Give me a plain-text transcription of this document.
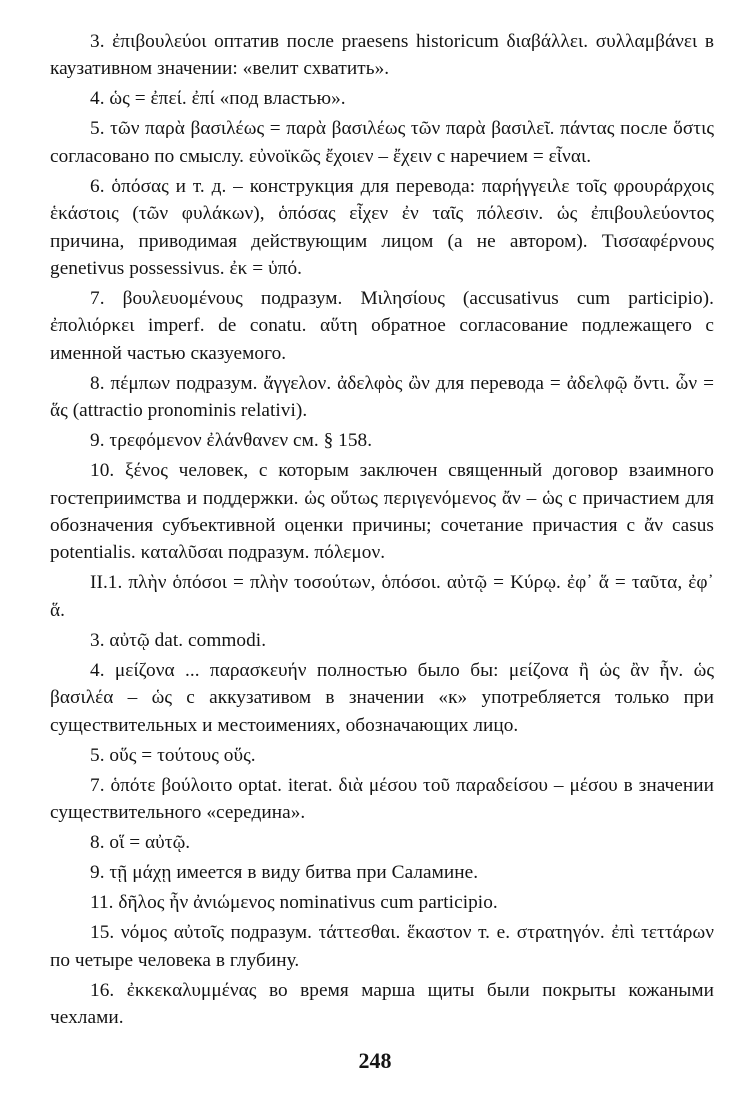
3. ἐπιβουλεύοι оптатив после praesens historicum διαβάλλει. συλλαμβάνει в каузативном значении: «велит схватить».

4. ὡς = ἐπεί. ἐπί «под властью».

5. τῶν παρὰ βασιλέως = παρὰ βασιλέως τῶν παρὰ βασιλεῖ. πάντας после ὅστις согласовано по смыслу. εὐνοϊκῶς ἔχοιεν – ἔχειν с наречием = εἶναι.

6. ὁπόσας и т. д. – конструкция для перевода: παρήγγειλε τοῖς φρουράρχοις ἑκάστοις (τῶν φυλάκων), ὁπόσας εἶχεν ἐν ταῖς πόλεσιν. ὡς ἐπιβουλεύοντος причина, приводимая действующим лицом (а не автором). Τισσαφέρνους genetivus possessivus. ἐκ = ὑπό.

7. βουλευομένους подразум. Μιλησίους (accusativus cum participio). ἐπολιόρκει imperf. de conatu. αὕτη обратное согласование подлежащего с именной частью сказуемого.

8. πέμπων подразум. ἄγγελον. ἀδελφὸς ὢν для перевода = ἀδελφῷ ὄντι. ὧν = ἅς (attractio pronominis relativi).

9. τρεφόμενον ἐλάνθανεν см. § 158.

10. ξένος человек, с которым заключен священный договор взаимного гостеприимства и поддержки. ὡς οὕτως περιγενόμενος ἄν – ὡς с причастием для обозначения субъективной оценки причины; сочетание причастия с ἄν casus potentialis. καταλῦσαι подразум. πόλεμον.

II.1. πλὴν ὁπόσοι = πλὴν τοσούτων, ὁπόσοι. αὐτῷ = Κύρῳ. ἐφ᾽ ἅ = ταῦτα, ἐφ᾽ ἅ.

3. αὐτῷ dat. commodi.

4. μείζονα ... παρασκευήν полностью было бы: μείζονα ἢ ὡς ἂν ἦν. ὡς βασιλέα – ὡς с аккузативом в значении «к» употребляется только при существительных и местоимениях, обозначающих лицо.

5. οὕς = τούτους οὕς.

7. ὁπότε βούλοιτο optat. iterat. διὰ μέσου τοῦ παραδείσου – μέσου в значении существительного «середина».

8. οἵ = αὐτῷ.

9. τῇ μάχῃ имеется в виду битва при Саламине.

11. δῆλος ἦν ἀνιώμενος nominativus cum participio.

15. νόμος αὐτοῖς подразум. τάττεσθαι. ἕκαστον т. е. στρατηγόν. ἐπὶ τεττάρων по четыре человека в глубину.

16. ἐκκεκαλυμμένας во время марша щиты были покрыты кожаными чехлами.

248
